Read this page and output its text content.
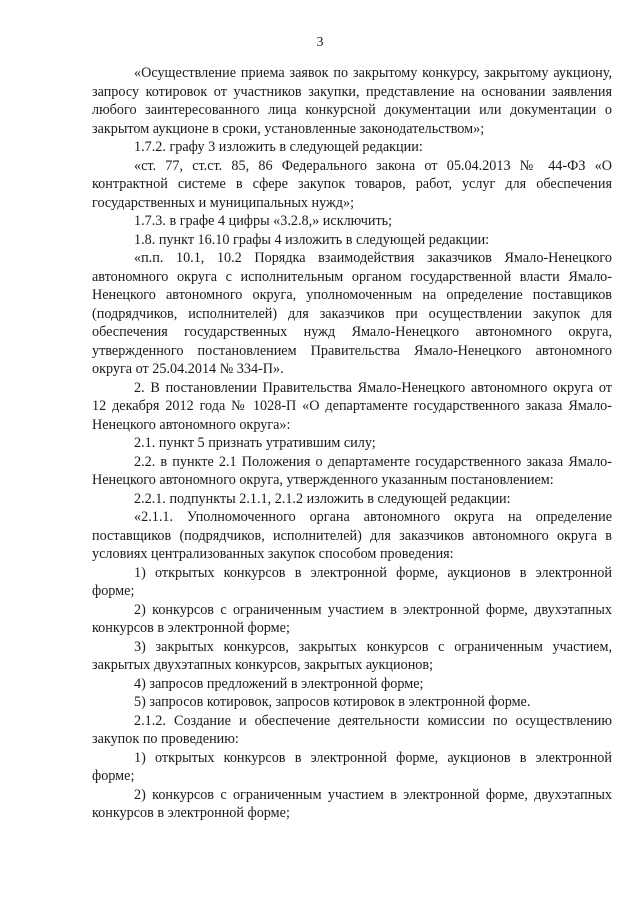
3

«Осуществление приема заявок по закрытому конкурсу, закрытому аукциону, запросу котировок от участников закупки, представление на основании заявления любого заинтересованного лица конкурсной документации или документации о закрытом аукционе в сроки, установленные законодательством»;

1.7.2. графу 3 изложить в следующей редакции:

«ст. 77, ст.ст. 85, 86 Федерального закона от 05.04.2013 № 44-ФЗ «О контрактной системе в сфере закупок товаров, работ, услуг для обеспечения государственных и муниципальных нужд»;

1.7.3. в графе 4 цифры «3.2.8,» исключить;

1.8. пункт 16.10 графы 4 изложить в следующей редакции:

«п.п. 10.1, 10.2 Порядка взаимодействия заказчиков Ямало-Ненецкого автономного округа с исполнительным органом государственной власти Ямало-Ненецкого автономного округа, уполномоченным на определение поставщиков (подрядчиков, исполнителей) для заказчиков при осуществлении закупок для обеспечения государственных нужд Ямало-Ненецкого автономного округа, утвержденного постановлением Правительства Ямало-Ненецкого автономного округа от 25.04.2014 № 334-П».

2. В постановлении Правительства Ямало-Ненецкого автономного округа от 12 декабря 2012 года № 1028-П «О департаменте государственного заказа Ямало-Ненецкого автономного округа»:

2.1. пункт 5 признать утратившим силу;

2.2. в пункте 2.1 Положения о департаменте государственного заказа Ямало-Ненецкого автономного округа, утвержденного указанным постановлением:

2.2.1. подпункты 2.1.1, 2.1.2 изложить в следующей редакции:

«2.1.1. Уполномоченного органа автономного округа на определение поставщиков (подрядчиков, исполнителей) для заказчиков автономного округа в условиях централизованных закупок способом проведения:

1) открытых конкурсов в электронной форме, аукционов в электронной форме;

2) конкурсов с ограниченным участием в электронной форме, двухэтапных конкурсов в электронной форме;

3) закрытых конкурсов, закрытых конкурсов с ограниченным участием, закрытых двухэтапных конкурсов, закрытых аукционов;

4) запросов предложений в электронной форме;

5) запросов котировок, запросов котировок в электронной форме.

2.1.2. Создание и обеспечение деятельности комиссии по осуществлению закупок по проведению:

1) открытых конкурсов в электронной форме, аукционов в электронной форме;

2) конкурсов с ограниченным участием в электронной форме, двухэтапных конкурсов в электронной форме;
